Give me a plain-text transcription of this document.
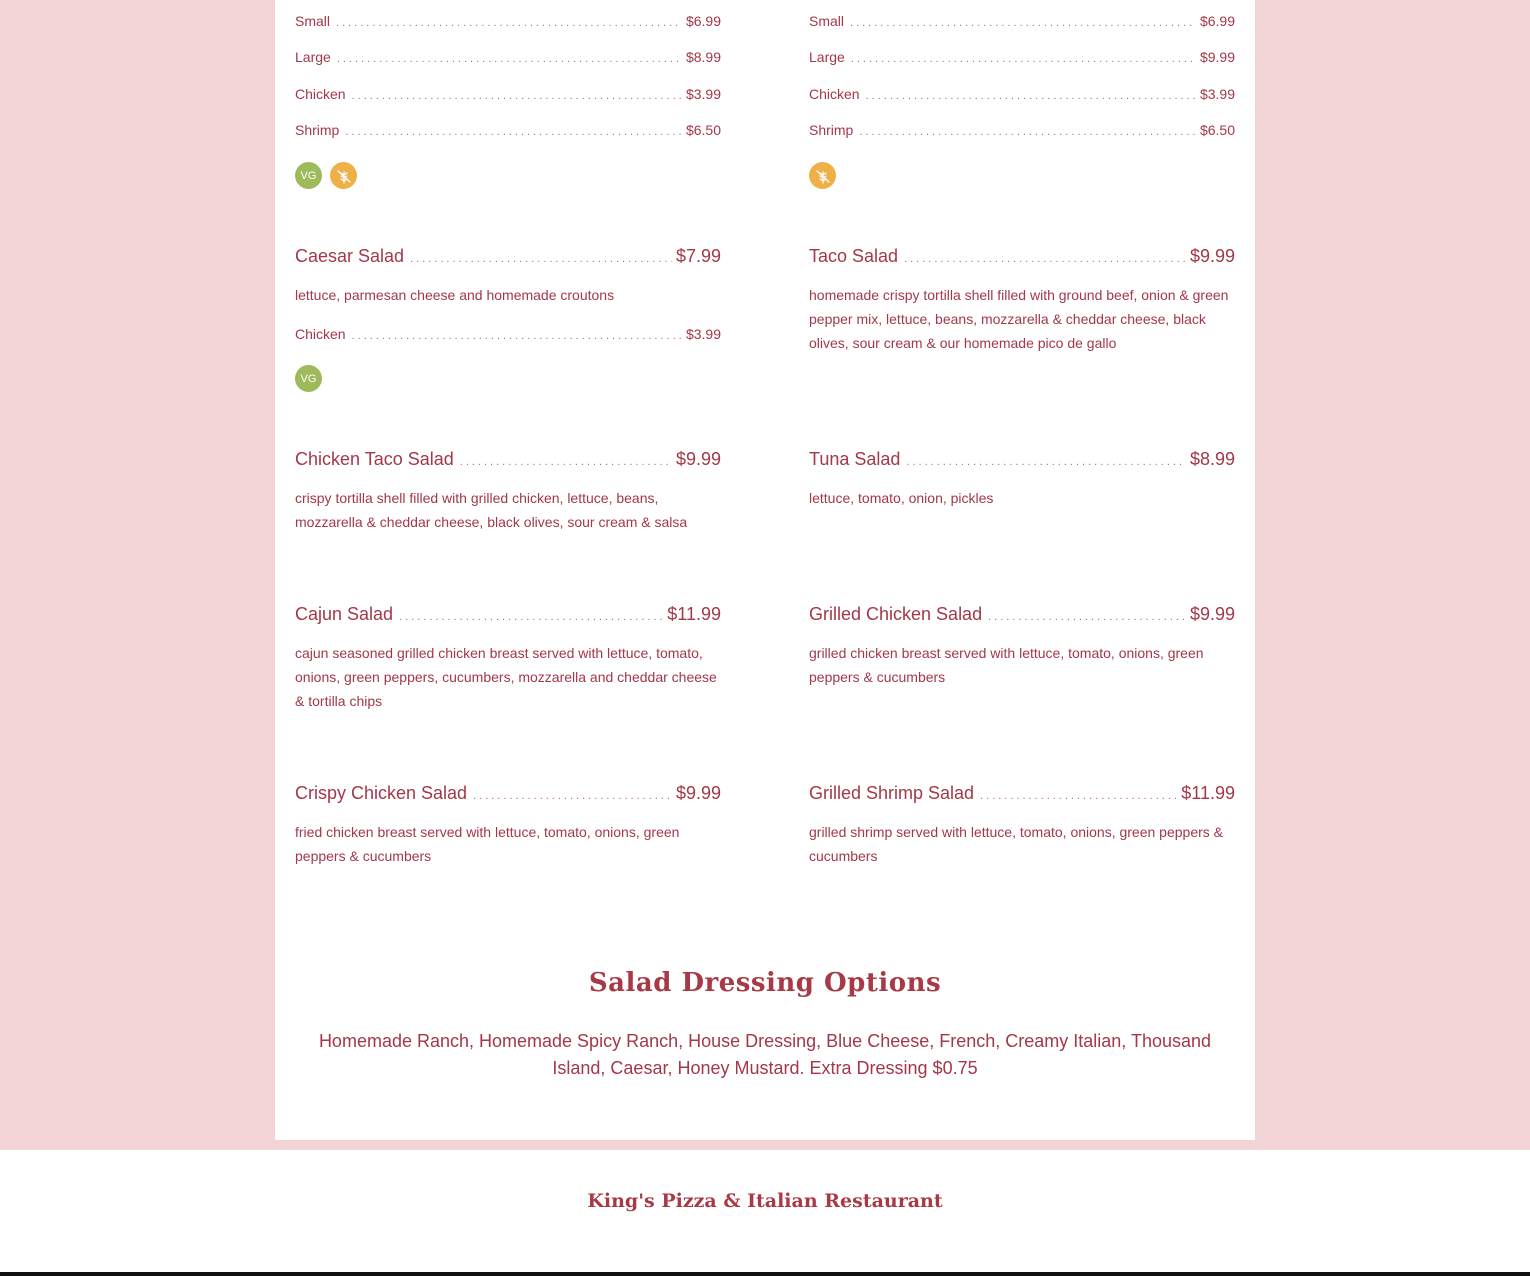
Small .....	$6.99
Large .....	$8.99
Chicken .....	$3.99
Shrimp .....	$6.50
VG
Caesar Salad .....	$7.99
lettuce, parmesan cheese and homemade croutons
Chicken .....	$3.99
VG
Chicken Taco Salad .....	$9.99
crispy tortilla shell filled with grilled chicken, lettuce, beans, mozzarella & cheddar cheese, black olives, sour cream & salsa
Cajun Salad .....	$11.99
cajun seasoned grilled chicken breast served with lettuce, tomato, onions, green peppers, cucumbers, mozzarella and cheddar cheese & tortilla chips
Crispy Chicken Salad .....	$9.99
fried chicken breast served with lettuce, tomato, onions, green peppers & cucumbers
Small .....	$6.99
Large .....	$9.99
Chicken .....	$3.99
Shrimp .....	$6.50
Taco Salad .....	$9.99
homemade crispy tortilla shell filled with ground beef, onion & green pepper mix, lettuce, beans, mozzarella & cheddar cheese, black olives, sour cream & our homemade pico de gallo
Tuna Salad .....	$8.99
lettuce, tomato, onion, pickles
Grilled Chicken Salad .....	$9.99
grilled chicken breast served with lettuce, tomato, onions, green peppers & cucumbers
Grilled Shrimp Salad .....	$11.99
grilled shrimp served with lettuce, tomato, onions, green peppers & cucumbers
Salad Dressing Options
Homemade Ranch, Homemade Spicy Ranch, House Dressing, Blue Cheese, French, Creamy Italian, Thousand Island, Caesar, Honey Mustard. Extra Dressing $0.75
King's Pizza & Italian Restaurant
